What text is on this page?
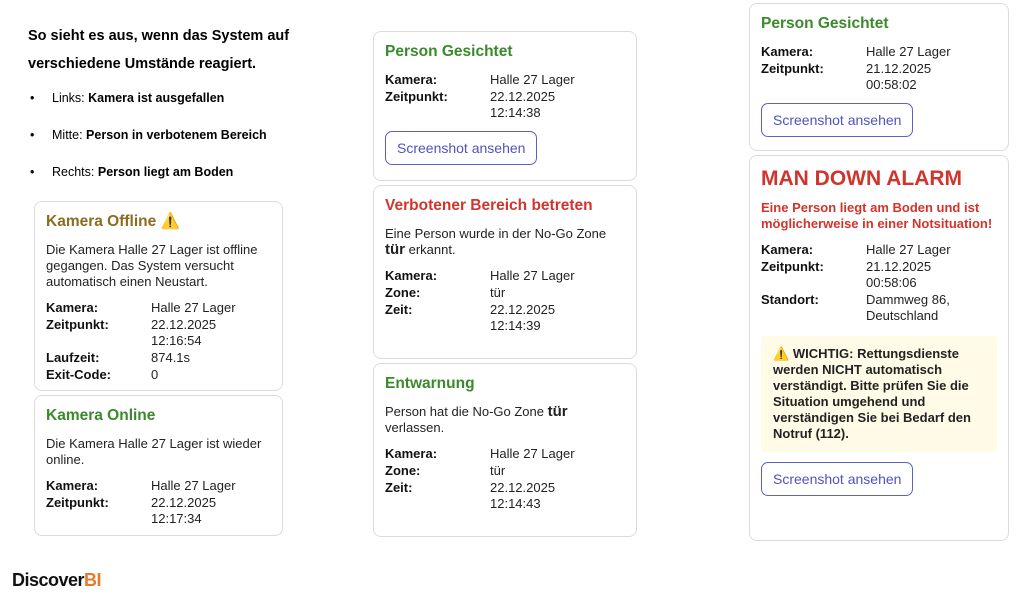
So sieht es aus, wenn das System auf verschiedene Umstände reagiert.
• Links: Kamera ist ausgefallen
• Mitte: Person in verbotenem Bereich
• Rechts: Person liegt am Boden
Kamera Offline ⚠️

Die Kamera Halle 27 Lager ist offline gegangen. Das System versucht automatisch einen Neustart.

Kamera:	Halle 27 Lager
Zeitpunkt:	22.12.2025
12:16:54
Laufzeit:	874.1s
Exit-Code:	0
Kamera Online

Die Kamera Halle 27 Lager ist wieder online.

Kamera:	Halle 27 Lager
Zeitpunkt:	22.12.2025
12:17:34
Person Gesichtet
Kamera:	Halle 27 Lager
Zeitpunkt:	22.12.2025
12:14:38
Screenshot ansehen
Verbotener Bereich betreten

Eine Person wurde in der No-Go Zone tür erkannt.

Kamera:	Halle 27 Lager
Zone:	tür
Zeit:	22.12.2025
12:14:39
Entwarnung

Person hat die No-Go Zone tür verlassen.

Kamera:	Halle 27 Lager
Zone:	tür
Zeit:	22.12.2025
12:14:43
Person Gesichtet
Kamera:	Halle 27 Lager
Zeitpunkt:	21.12.2025
00:58:02
Screenshot ansehen
MAN DOWN ALARM

Eine Person liegt am Boden und ist möglicherweise in einer Notsituation!

Kamera:	Halle 27 Lager
Zeitpunkt:	21.12.2025
00:58:06
Standort:	Dammweg 86,
Deutschland
⚠️ WICHTIG: Rettungsdienste werden NICHT automatisch verständigt. Bitte prüfen Sie die Situation umgehend und verständigen Sie bei Bedarf den Notruf (112).
Screenshot ansehen
DiscoverBI
